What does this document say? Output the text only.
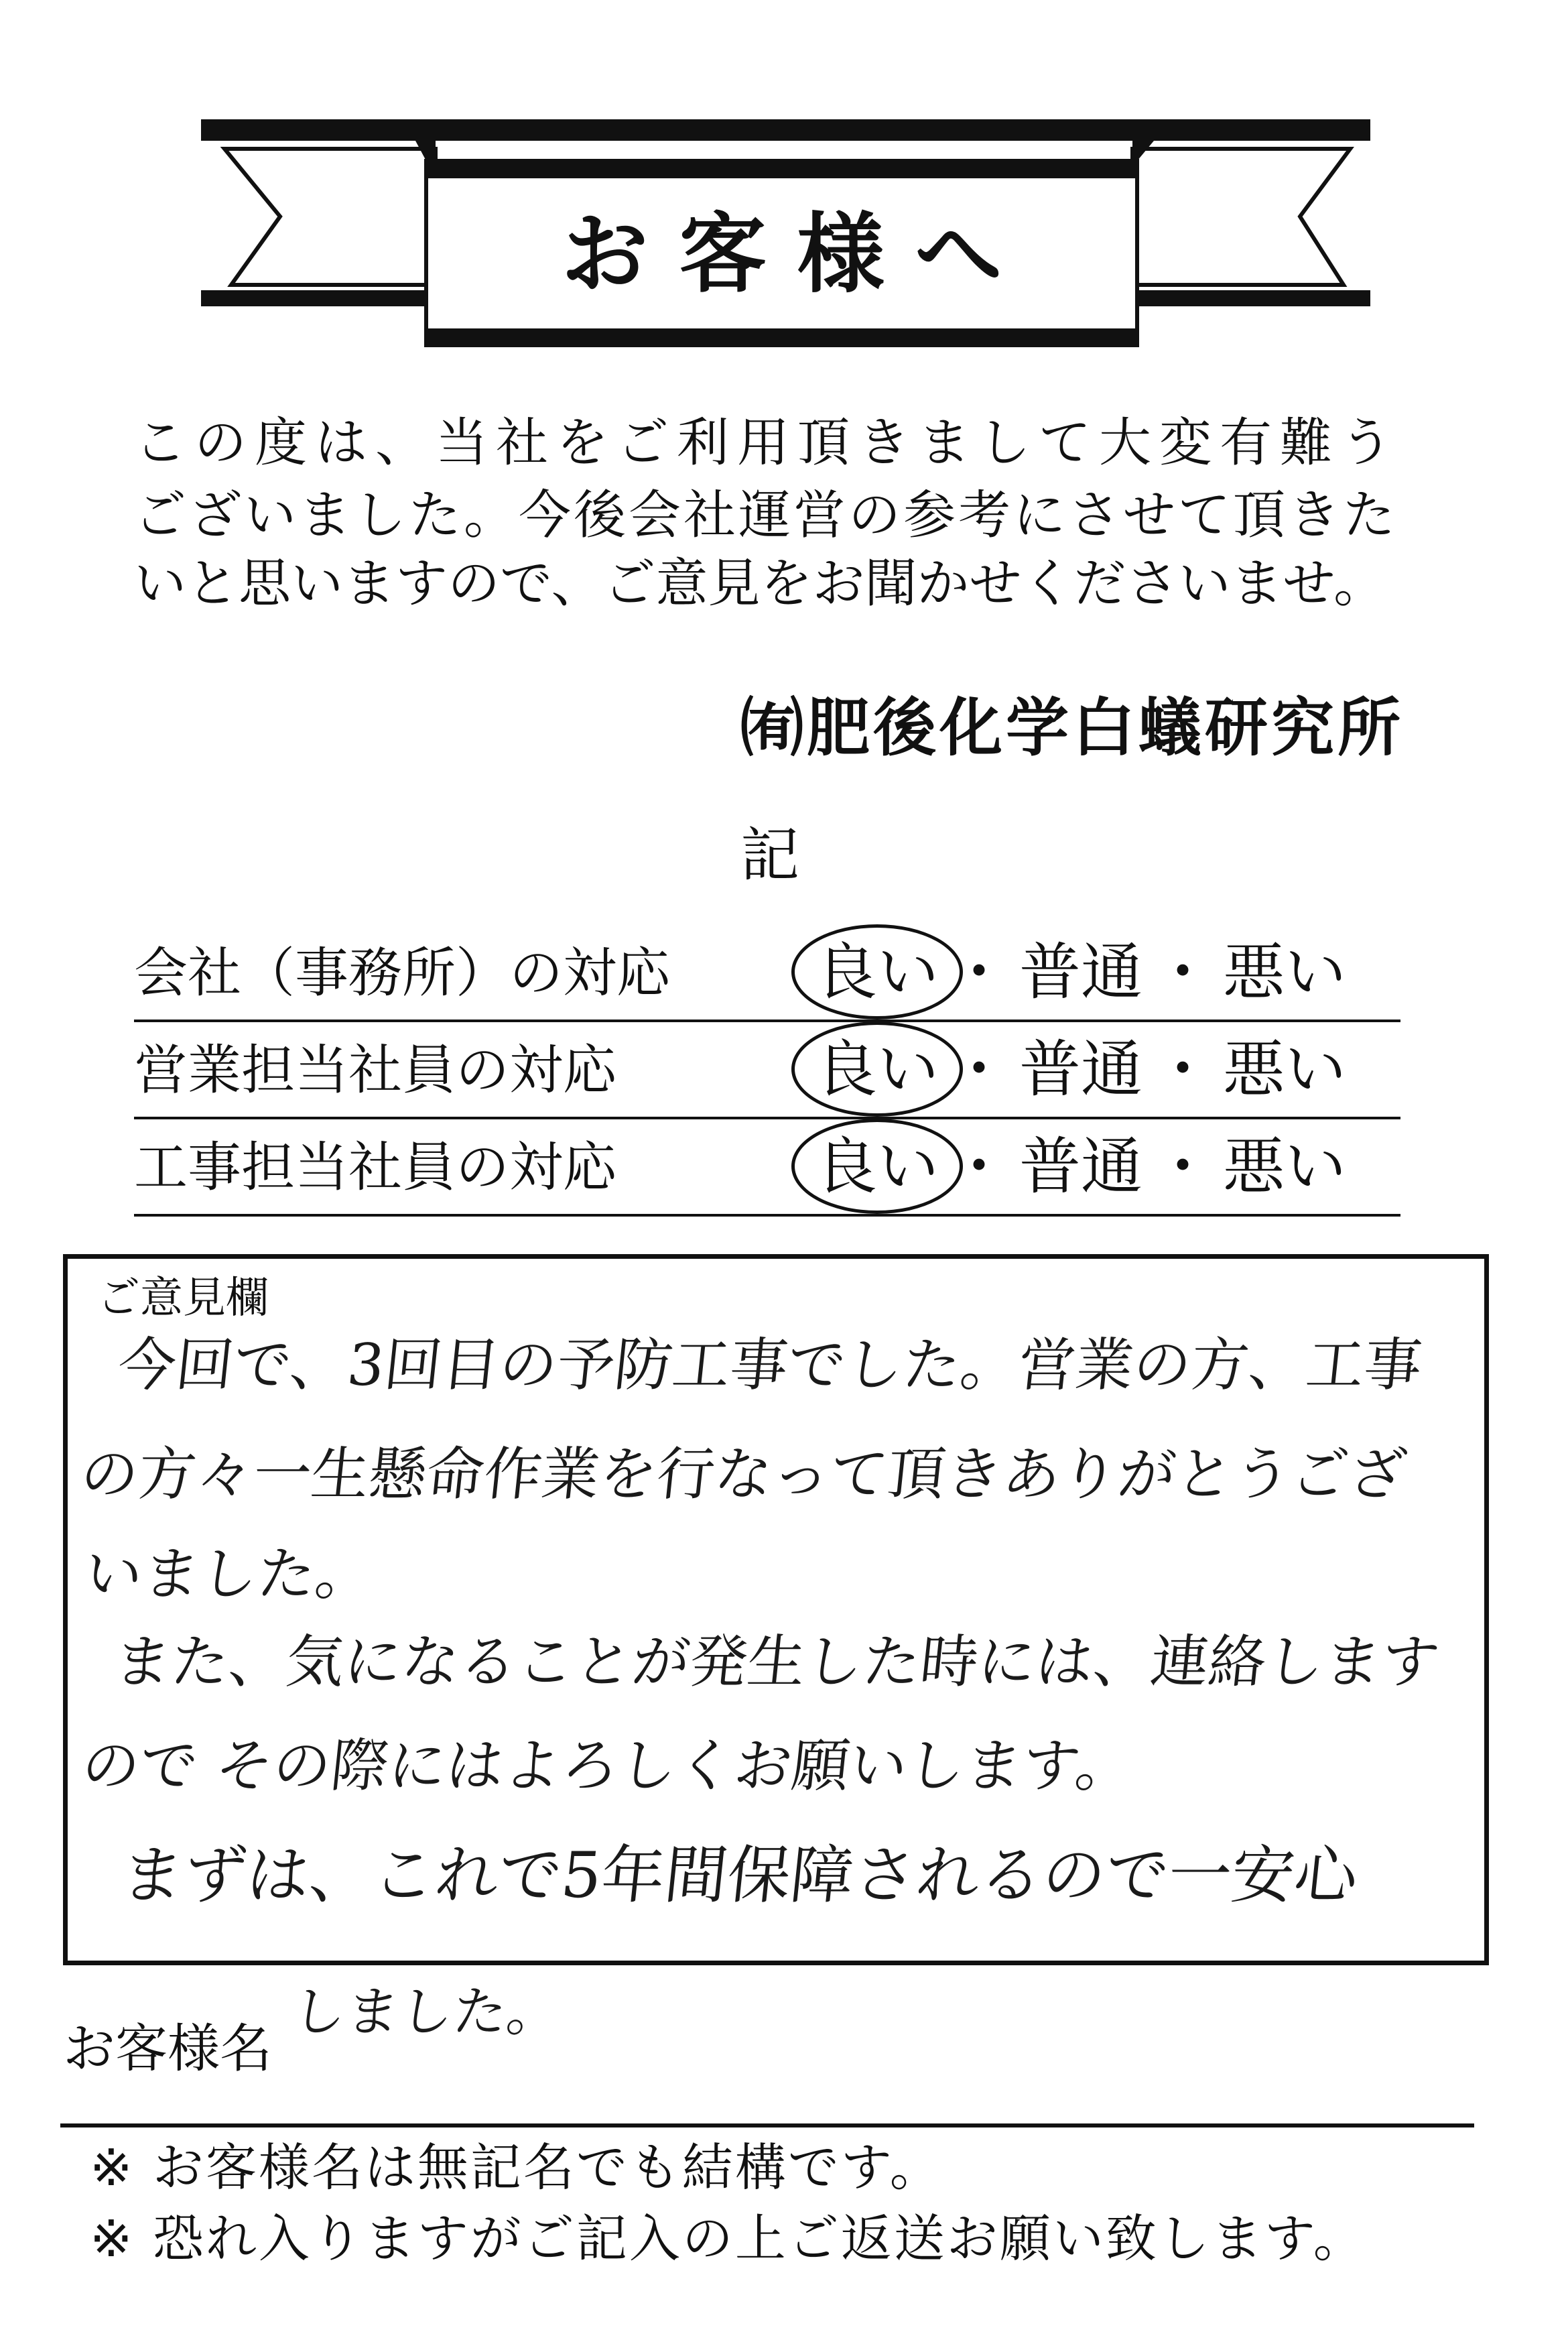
お客様へ
この度は、当社をご利用頂きまして大変有難う
ございました。今後会社運営の参考にさせて頂きた
いと思いますので、ご意見をお聞かせくださいませ。
㈲肥後化学白蟻研究所
記
会社（事務所）の対応 良い ・ 普通 ・ 悪い
営業担当社員の対応	良い ・ 普通 ・ 悪い
工事担当社員の対応	良い ・ 普通 ・ 悪い
ご意見欄
今回で、3回目の予防工事でした。営業の方、工事
の方々一生懸命作業を行なって頂きありがとうござ
いました。
また、気になることが発生した時には、連絡します
ので その際にはよろしくお願いします。
まずは、これで5年間保障されるので一安心
しました。
お客様名
※ お客様名は無記名でも結構です。
※ 恐れ入りますがご記入の上ご返送お願い致します。
